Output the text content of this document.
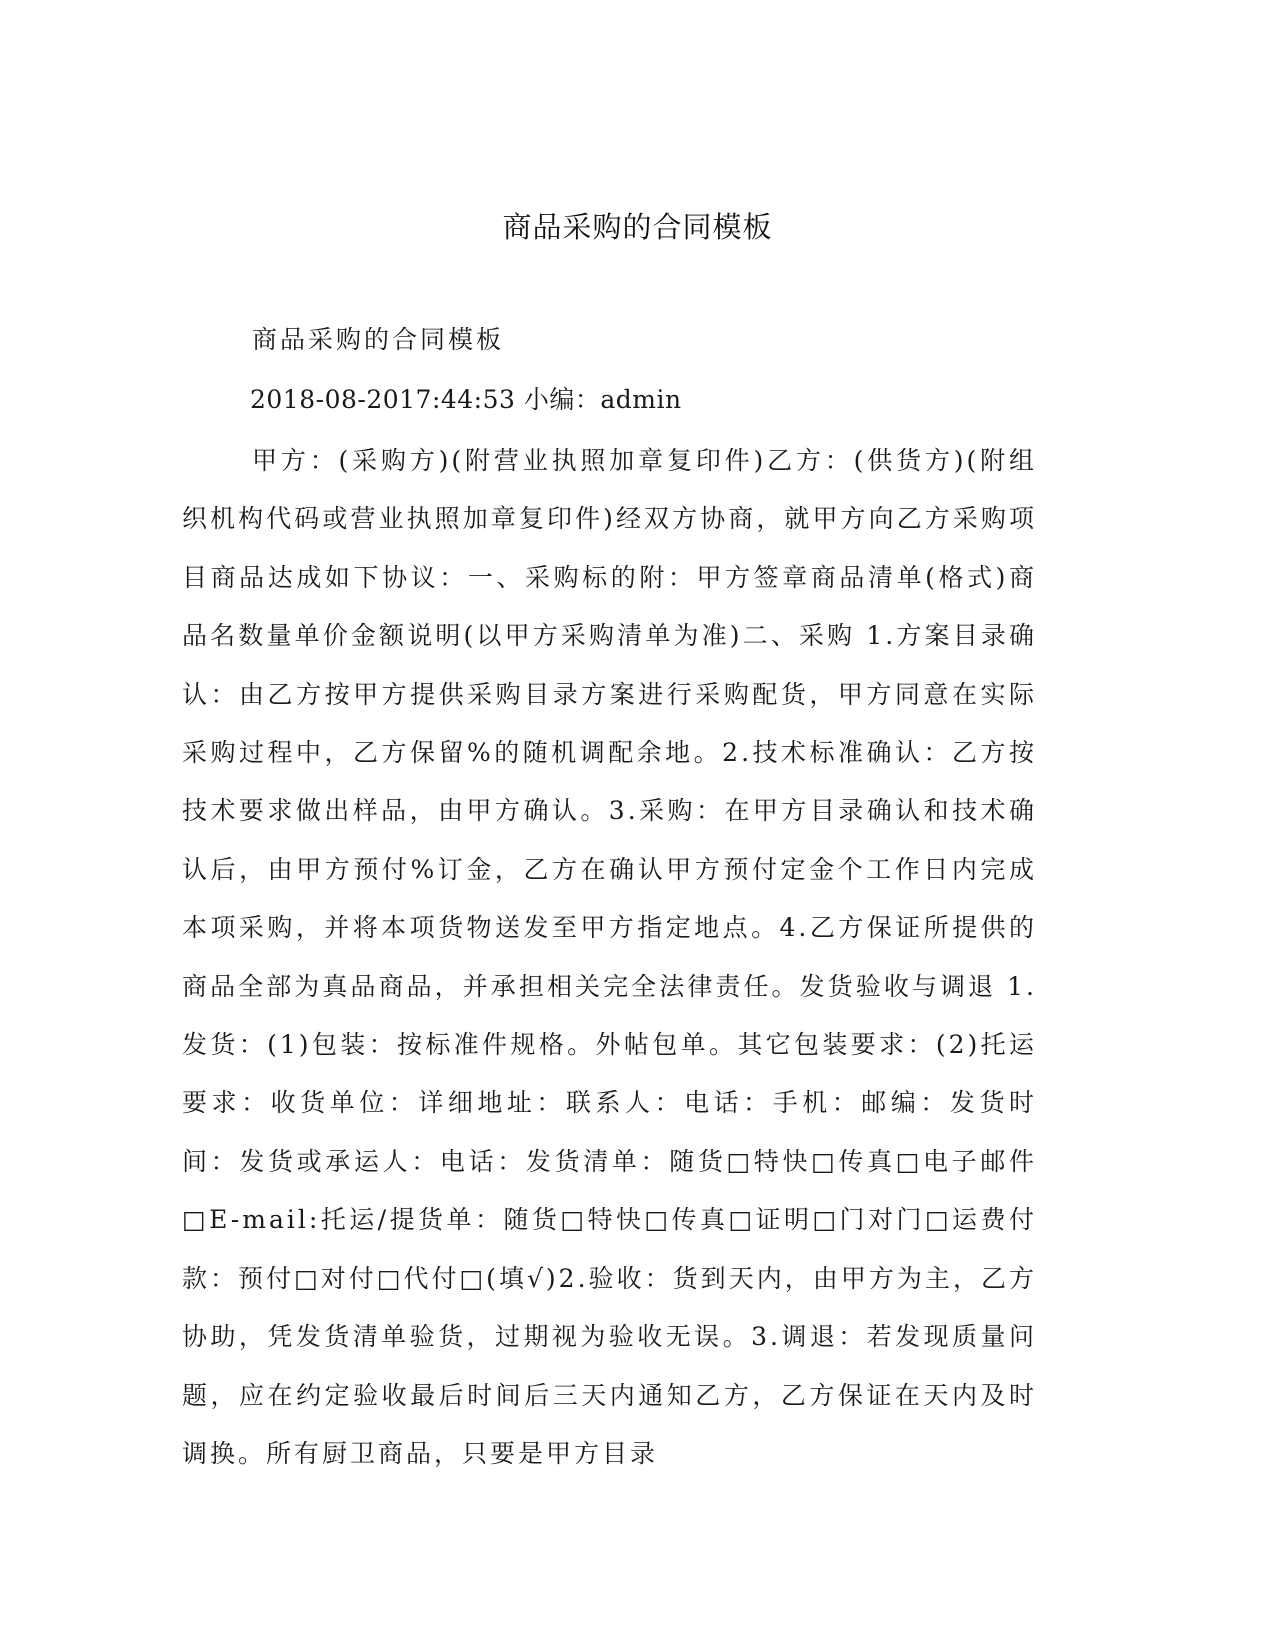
商品采购的合同模板
商品采购的合同模板
2018-08-2017:44:53 小编：admin
甲方：(采购方)(附营业执照加章复印件)乙方：(供货方)(附组织机构代码或营业执照加章复印件)经双方协商，就甲方向乙方采购项目商品达成如下协议：一、采购标的附：甲方签章商品清单(格式)商品名数量单价金额说明(以甲方采购清单为准)二、采购 1.方案目录确认：由乙方按甲方提供采购目录方案进行采购配货，甲方同意在实际采购过程中，乙方保留%的随机调配余地。2.技术标准确认：乙方按技术要求做出样品，由甲方确认。3.采购：在甲方目录确认和技术确认后，由甲方预付%订金，乙方在确认甲方预付定金个工作日内完成本项采购，并将本项货物送发至甲方指定地点。4.乙方保证所提供的商品全部为真品商品，并承担相关完全法律责任。发货验收与调退 1.发货：(1)包装：按标准件规格。外帖包单。其它包装要求：(2)托运要求：收货单位：详细地址：联系人：电话：手机：邮编：发货时间：发货或承运人：电话：发货清单：随货□特快□传真□电子邮件□E-mail:托运/提货单：随货□特快□传真□证明□门对门□运费付款：预付□对付□代付□(填√)2.验收：货到天内，由甲方为主，乙方协助，凭发货清单验货，过期视为验收无误。3.调退：若发现质量问题，应在约定验收最后时间后三天内通知乙方，乙方保证在天内及时调换。所有厨卫商品，只要是甲方目录
